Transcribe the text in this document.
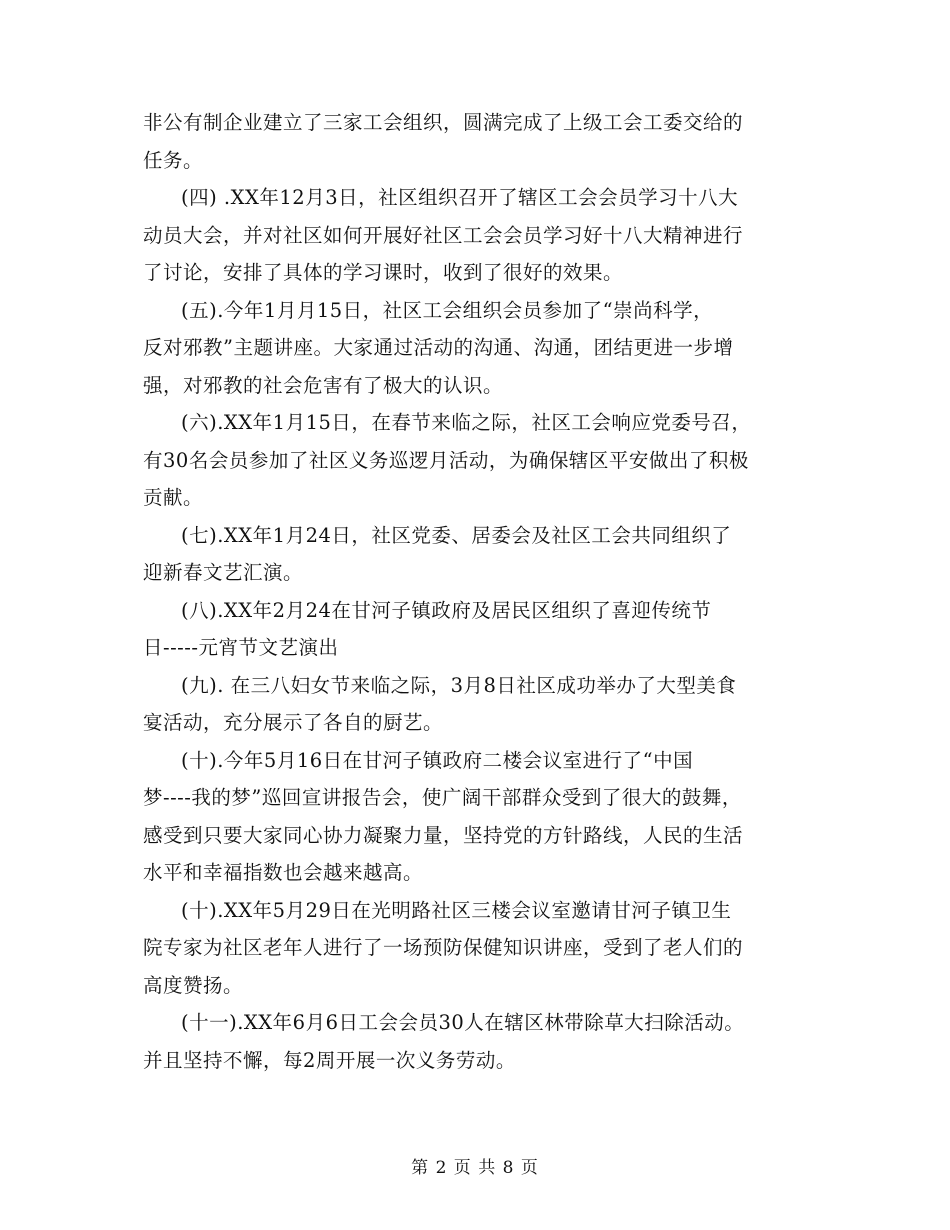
非公有制企业建立了三家工会组织，圆满完成了上级工会工委交给的
任务。

(四) .XX年12月3日，社区组织召开了辖区工会会员学习十八大
动员大会，并对社区如何开展好社区工会会员学习好十八大精神进行
了讨论，安排了具体的学习课时，收到了很好的效果。

(五).今年1月月15日，社区工会组织会员参加了“崇尚科学，
反对邪教”主题讲座。大家通过活动的沟通、沟通，团结更进一步增
强，对邪教的社会危害有了极大的认识。

(六).XX年1月15日，在春节来临之际，社区工会响应党委号召，
有30名会员参加了社区义务巡逻月活动，为确保辖区平安做出了积极
贡献。

(七).XX年1月24日，社区党委、居委会及社区工会共同组织了
迎新春文艺汇演。

(八).XX年2月24在甘河子镇政府及居民区组织了喜迎传统节
日-----元宵节文艺演出

(九). 在三八妇女节来临之际，3月8日社区成功举办了大型美食
宴活动，充分展示了各自的厨艺。

(十).今年5月16日在甘河子镇政府二楼会议室进行了“中国
梦----我的梦”巡回宣讲报告会，使广阔干部群众受到了很大的鼓舞，
感受到只要大家同心协力凝聚力量，坚持党的方针路线，人民的生活
水平和幸福指数也会越来越高。

(十).XX年5月29日在光明路社区三楼会议室邀请甘河子镇卫生
院专家为社区老年人进行了一场预防保健知识讲座，受到了老人们的
高度赞扬。

(十一).XX年6月6日工会会员30人在辖区林带除草大扫除活动。
并且坚持不懈，每2周开展一次义务劳动。

第 2 页 共 8 页
